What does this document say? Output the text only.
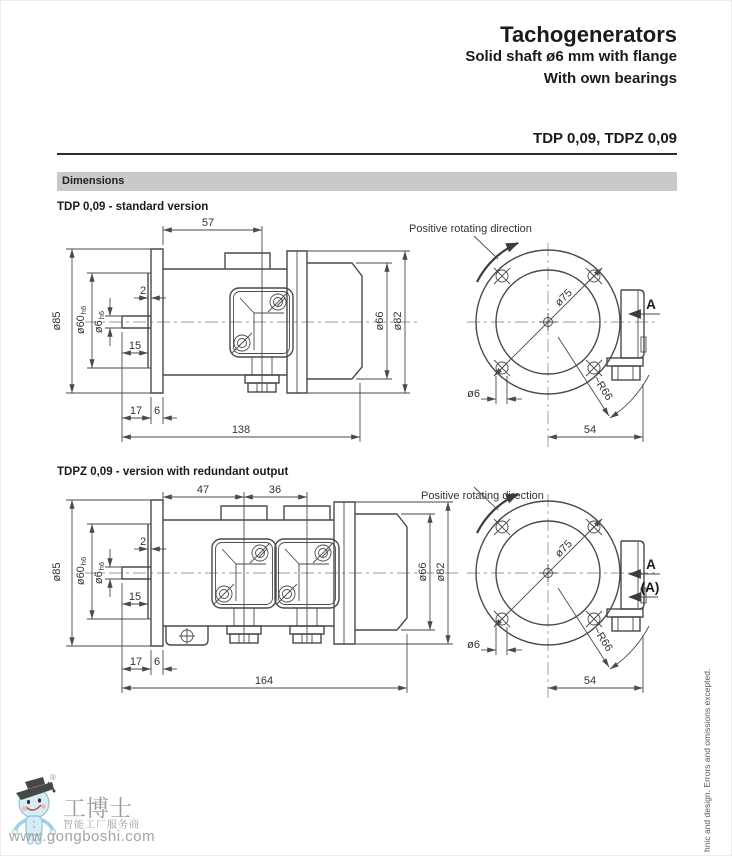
Tachogenerators
Solid shaft ø6 mm with flange
With own bearings
TDP 0,09, TDPZ 0,09
Dimensions
TDP 0,09 - standard version
ø85 ø60h6
ø6h6
2
15
17 6
138
57
ø66 ø82
ø75
Positive rotating direction
A
~R66
ø6
54
TDPZ 0,09 - version with redundant output
ø85 ø60h6
ø6h6
2
15
17 6
164
47	36
ø66 ø82
ø75
Positive rotating direction
A
(A)
~R66
ø6
54
®
工博士
智能工厂服务商
www.gongboshi.com	hnic and design. Errors and omissions excepted.
